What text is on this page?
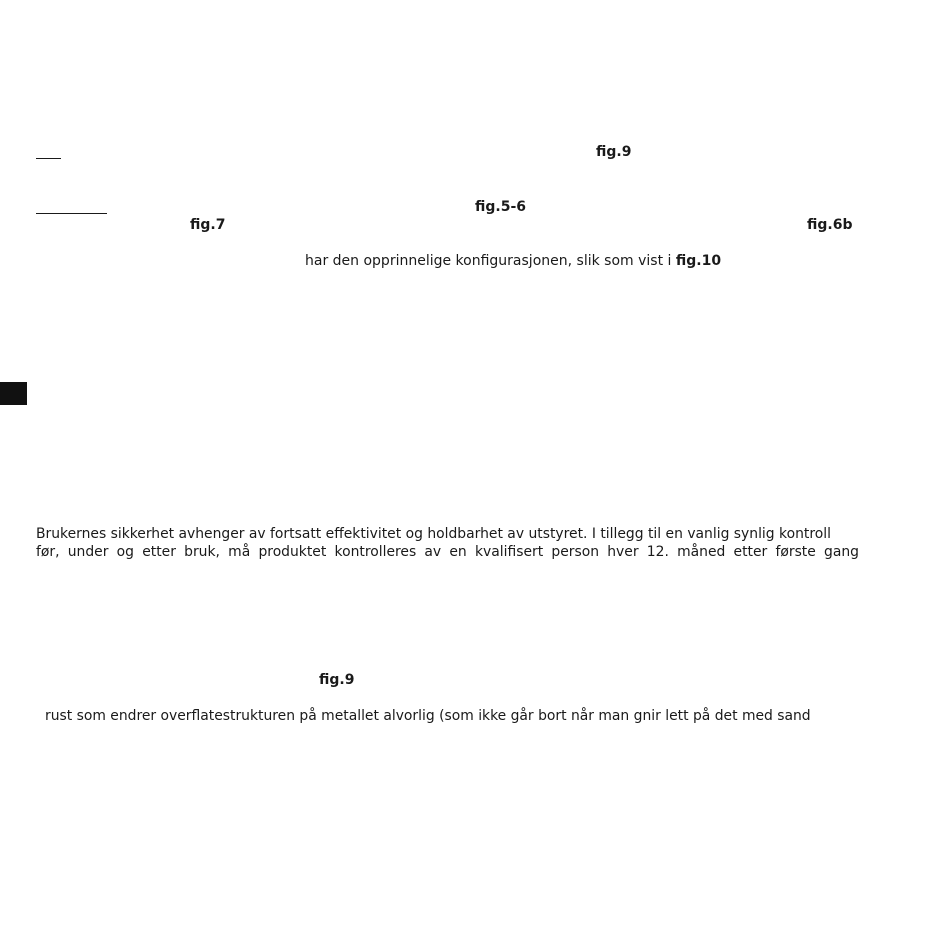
fig.9
fig.5-6
fig.7	fig.6b
har den opprinnelige konfigurasjonen, slik som vist i fig.10
Brukernes sikkerhet avhenger av fortsatt effektivitet og holdbarhet av utstyret. I tillegg til en vanlig synlig kontroll
før, under og etter bruk, må produktet kontrolleres av en kvalifisert person hver 12. måned etter første gang
fig.9
rust som endrer overflatestrukturen på metallet alvorlig (som ikke går bort når man gnir lett på det med sand
